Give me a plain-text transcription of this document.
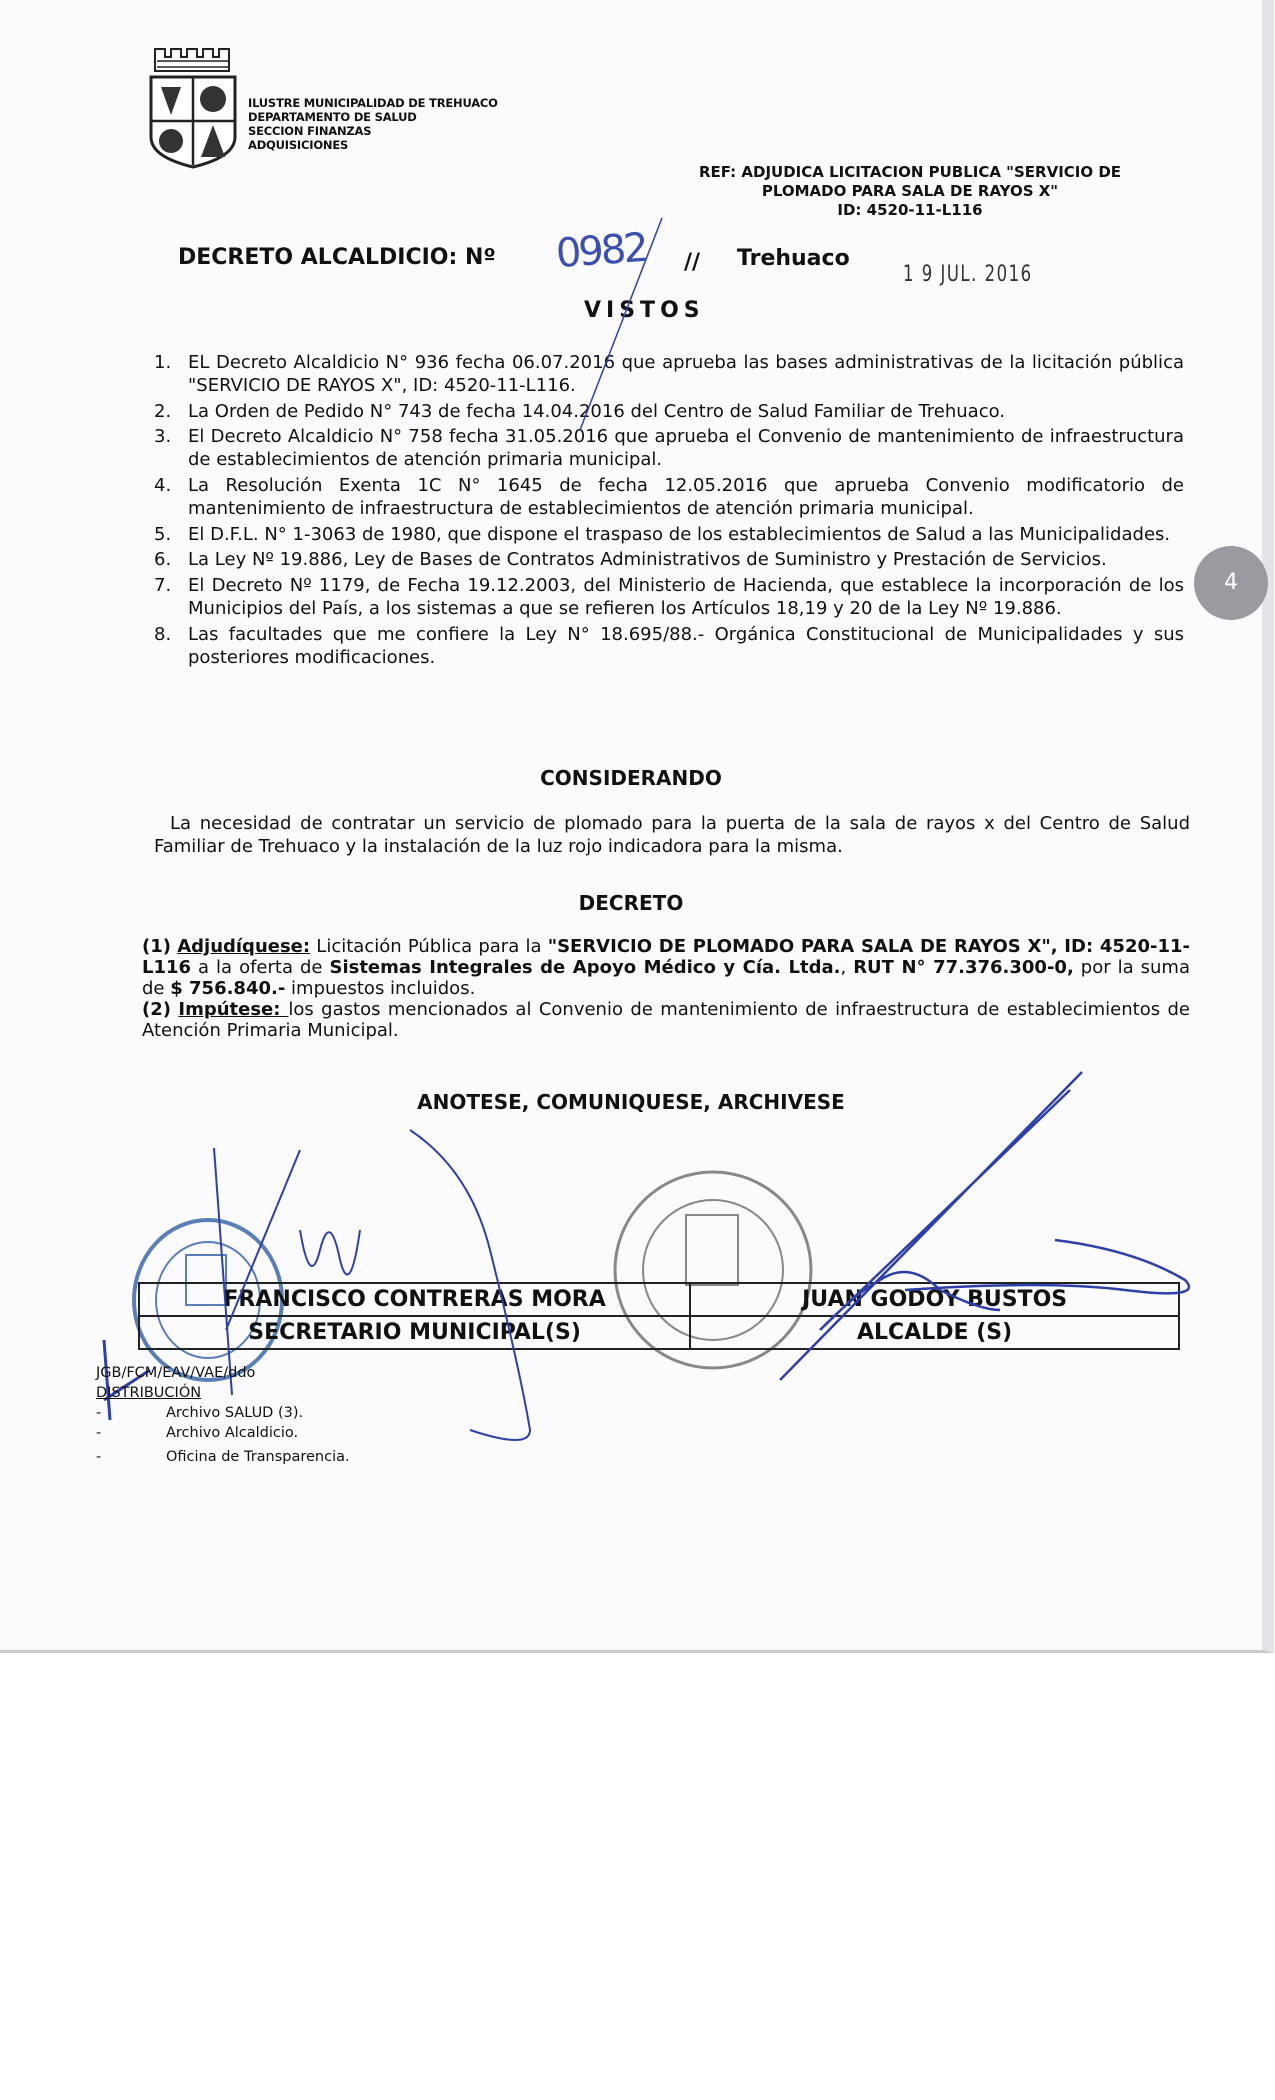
ILUSTRE MUNICIPALIDAD DE TREHUACO
DEPARTAMENTO DE SALUD
SECCION FINANZAS
ADQUISICIONES
REF: ADJUDICA LICITACION PUBLICA "SERVICIO DE
PLOMADO PARA SALA DE RAYOS X"
ID: 4520-11-L116
DECRETO ALCALDICIO: Nº 0982 // Trehuaco
1 9 JUL. 2016
VISTOS
1. EL Decreto Alcaldicio N° 936 fecha 06.07.2016 que aprueba las bases administrativas de la licitación pública "SERVICIO DE RAYOS X", ID: 4520-11-L116.
2. La Orden de Pedido N° 743 de fecha 14.04.2016 del Centro de Salud Familiar de Trehuaco.
3. El Decreto Alcaldicio N° 758 fecha 31.05.2016 que aprueba el Convenio de mantenimiento de infraestructura de establecimientos de atención primaria municipal.
4. La Resolución Exenta 1C N° 1645 de fecha 12.05.2016 que aprueba Convenio modificatorio de mantenimiento de infraestructura de establecimientos de atención primaria municipal.
5. El D.F.L. N° 1-3063 de 1980, que dispone el traspaso de los establecimientos de Salud a las Municipalidades.
6. La Ley Nº 19.886, Ley de Bases de Contratos Administrativos de Suministro y Prestación de Servicios.
7. El Decreto Nº 1179, de Fecha 19.12.2003, del Ministerio de Hacienda, que establece la incorporación de los Municipios del País, a los sistemas a que se refieren los Artículos 18,19 y 20 de la Ley Nº 19.886.
8. Las facultades que me confiere la Ley N° 18.695/88.- Orgánica Constitucional de Municipalidades y sus posteriores modificaciones.
CONSIDERANDO
La necesidad de contratar un servicio de plomado para la puerta de la sala de rayos x del Centro de Salud Familiar de Trehuaco y la instalación de la luz rojo indicadora para la misma.
DECRETO
(1) Adjudíquese: Licitación Pública para la "SERVICIO DE PLOMADO PARA SALA DE RAYOS X", ID: 4520-11-L116 a la oferta de Sistemas Integrales de Apoyo Médico y Cía. Ltda., RUT N° 77.376.300-0, por la suma de $ 756.840.- impuestos incluidos.
(2) Impútese: los gastos mencionados al Convenio de mantenimiento de infraestructura de establecimientos de Atención Primaria Municipal.
ANOTESE, COMUNIQUESE, ARCHIVESE
FRANCISCO CONTRERAS MORA	JUAN GODOY BUSTOS
SECRETARIO MUNICIPAL(S)	ALCALDE (S)
JGB/FCM/EAV/VAE/ddo
DISTRIBUCIÓN
- Archivo SALUD (3).
- Archivo Alcaldicio.
- Oficina de Transparencia.
4
